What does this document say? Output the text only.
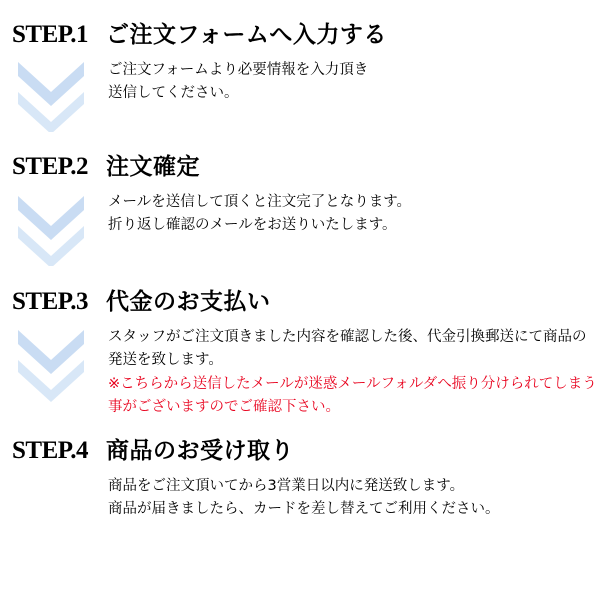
STEP.1 ご注文フォームへ入力する
ご注文フォームより必要情報を入力頂き
送信してください。
STEP.2 注文確定
メールを送信して頂くと注文完了となります。
折り返し確認のメールをお送りいたします。
STEP.3 代金のお支払い
スタッフがご注文頂きました内容を確認した後、代金引換郵送にて商品の
発送を致します。
※こちらから送信したメールが迷惑メールフォルダへ振り分けられてしまう
事がございますのでご確認下さい。
STEP.4 商品のお受け取り
商品をご注文頂いてから3営業日以内に発送致します。
商品が届きましたら、カードを差し替えてご利用ください。
